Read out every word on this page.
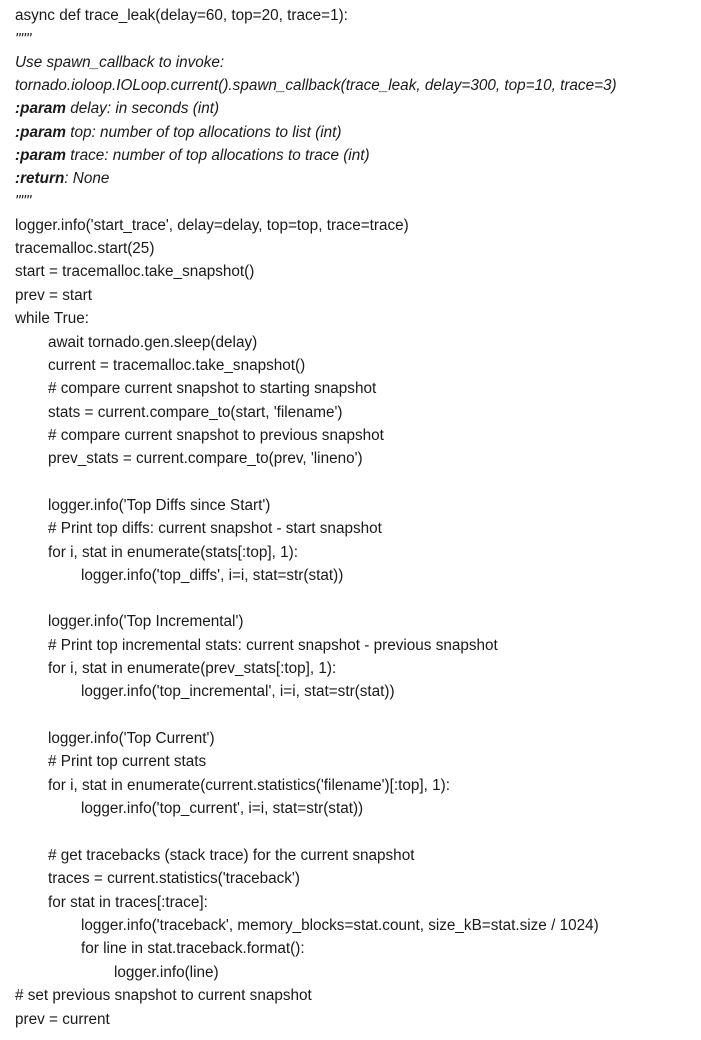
async def trace_leak(delay=60, top=20, trace=1):
"""
Use spawn_callback to invoke:
tornado.ioloop.IOLoop.current().spawn_callback(trace_leak, delay=300, top=10, trace=3)
:param delay: in seconds (int)
:param top: number of top allocations to list (int)
:param trace: number of top allocations to trace (int)
:return: None
"""
logger.info('start_trace', delay=delay, top=top, trace=trace)
tracemalloc.start(25)
start = tracemalloc.take_snapshot()
prev = start
while True:
await tornado.gen.sleep(delay)
current = tracemalloc.take_snapshot()
# compare current snapshot to starting snapshot
stats = current.compare_to(start, 'filename')
# compare current snapshot to previous snapshot
prev_stats = current.compare_to(prev, 'lineno')
logger.info('Top Diffs since Start')
# Print top diffs: current snapshot - start snapshot
for i, stat in enumerate(stats[:top], 1):
logger.info('top_diffs', i=i, stat=str(stat))
logger.info('Top Incremental')
# Print top incremental stats: current snapshot - previous snapshot
for i, stat in enumerate(prev_stats[:top], 1):
logger.info('top_incremental', i=i, stat=str(stat))
logger.info('Top Current')
# Print top current stats
for i, stat in enumerate(current.statistics('filename')[:top], 1):
logger.info('top_current', i=i, stat=str(stat))
# get tracebacks (stack trace) for the current snapshot
traces = current.statistics('traceback')
for stat in traces[:trace]:
logger.info('traceback', memory_blocks=stat.count, size_kB=stat.size / 1024)
for line in stat.traceback.format():
logger.info(line)
# set previous snapshot to current snapshot
prev = current
